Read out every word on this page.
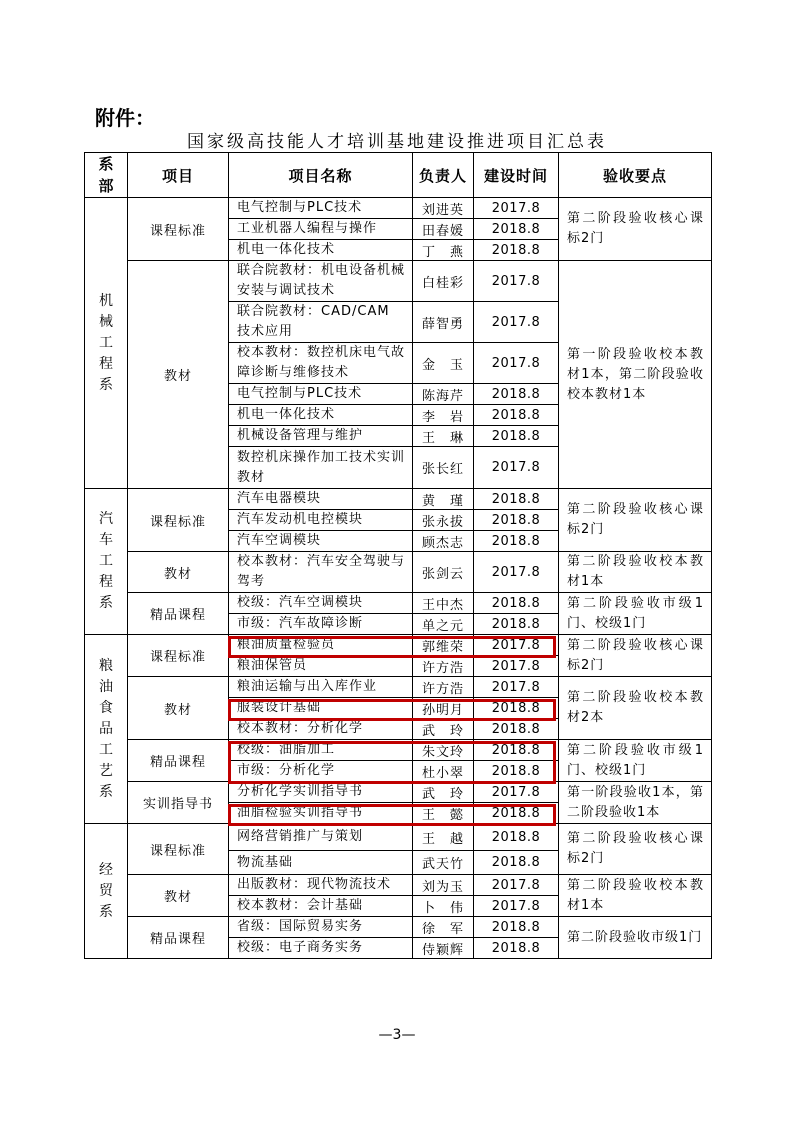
附件：
国家级高技能人才培训基地建设推进项目汇总表
系部	项目	项目名称	负责人	建设时间	验收要点

机械工程系	课程标准	电气控制与PLC技术	刘进英	2017.8	第二阶段验收核心课标2门
		工业机器人编程与操作	田春媛	2018.8	
		机电一体化技术	丁　燕	2018.8	
	教材	联合院教材：机电设备机械安装与调试技术	白桂彩	2017.8	第一阶段验收校本教材1本，第二阶段验收校本教材1本
		联合院教材：CAD/CAM 技术应用	薛智勇	2017.8	
		校本教材：数控机床电气故障诊断与维修技术	金　玉	2017.8	
		电气控制与PLC技术	陈海芹	2018.8	
		机电一体化技术	李　岩	2018.8	
		机械设备管理与维护	王　琳	2018.8	
		数控机床操作加工技术实训教材	张长红	2017.8	

汽车工程系	课程标准	汽车电器模块	黄　瑾	2018.8	第二阶段验收核心课标2门
		汽车发动机电控模块	张永拔	2018.8	
		汽车空调模块	顾杰志	2018.8	
	教材	校本教材：汽车安全驾驶与驾考	张剑云	2017.8	第二阶段验收校本教材1本
	精品课程	校级：汽车空调模块	王中杰	2018.8	第二阶段验收市级1门、校级1门
		市级：汽车故障诊断	单之元	2018.8	

粮油食品工艺系	课程标准	粮油质量检验员	郭维荣	2017.8	第二阶段验收核心课标2门
		粮油保管员	许方浩	2017.8	
	教材	粮油运输与出入库作业	许方浩	2017.8	第二阶段验收校本教材2本
		服装设计基础	孙明月	2018.8	
		校本教材：分析化学	武　玲	2018.8	
	精品课程	校级：油脂加工	朱文玲	2018.8	第二阶段验收市级1门、校级1门
		市级：分析化学	杜小翠	2018.8	
	实训指导书	分析化学实训指导书	武　玲	2017.8	第一阶段验收1本，第二阶段验收1本
		油脂检验实训指导书	王　懿	2018.8	

经贸系	课程标准	网络营销推广与策划	王　越	2018.8	第二阶段验收核心课标2门
		物流基础	武天竹	2018.8	
	教材	出版教材：现代物流技术	刘为玉	2017.8	第二阶段验收校本教材1本
		校本教材：会计基础	卜　伟	2017.8	
	精品课程	省级：国际贸易实务	徐　军	2018.8	第二阶段验收市级1门
		校级：电子商务实务	侍颖辉	2018.8	
—3—
